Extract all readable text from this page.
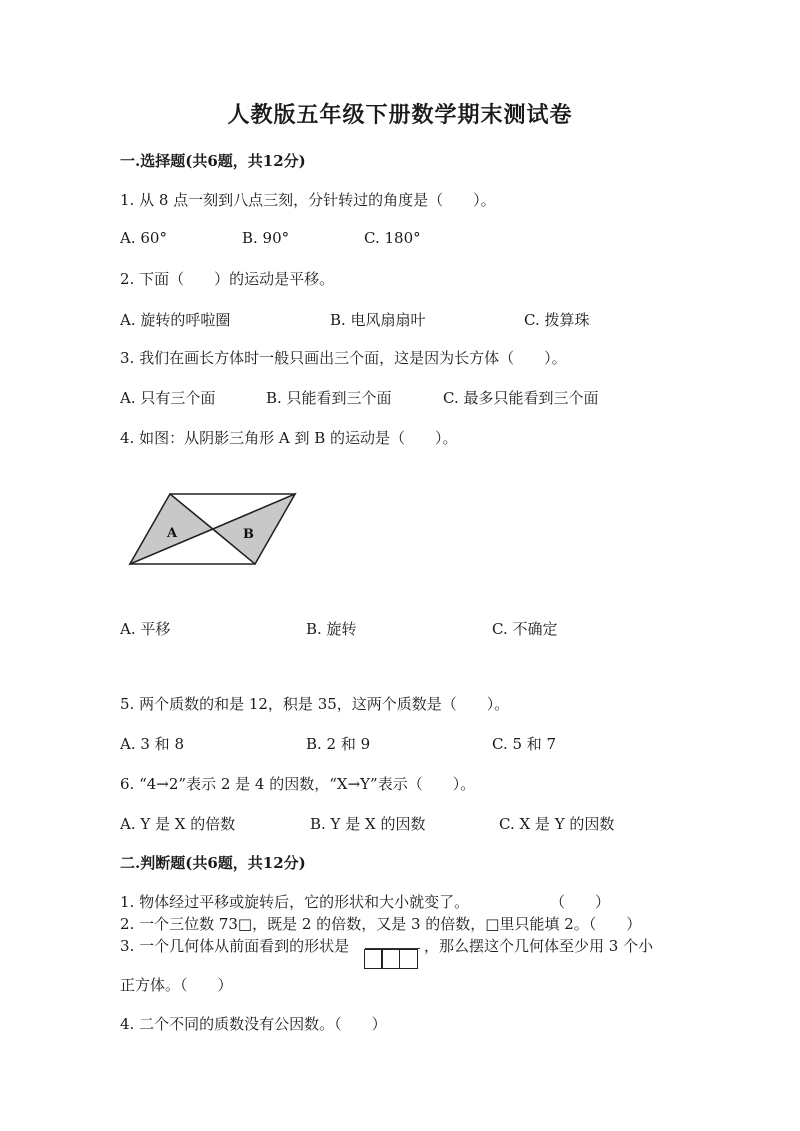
人教版五年级下册数学期末测试卷
一.选择题(共6题，共12分)
1. 从 8 点一刻到八点三刻，分针转过的角度是（　　）。
A. 60°	B. 90°	C. 180°
2. 下面（　　）的运动是平移。
A. 旋转的呼啦圈	B. 电风扇扇叶	C. 拨算珠
3. 我们在画长方体时一般只画出三个面，这是因为长方体（　　）。
A. 只有三个面	B. 只能看到三个面	C. 最多只能看到三个面
4. 如图：从阴影三角形 A 到 B 的运动是（　　）。
A	B
A. 平移	B. 旋转	C. 不确定
5. 两个质数的和是 12，积是 35，这两个质数是（　　）。
A. 3 和 8	B. 2 和 9	C. 5 和 7
6. “4→2”表示 2 是 4 的因数，“X→Y”表示（　　）。
A. Y 是 X 的倍数	B. Y 是 X 的因数	C. X 是 Y 的因数
二.判断题(共6题，共12分)
1. 物体经过平移或旋转后，它的形状和大小就变了。	（　　）
2. 一个三位数 73□，既是 2 的倍数，又是 3 的倍数，□里只能填 2。（　　）
3. 一个几何体从前面看到的形状是	，那么摆这个几何体至少用 3 个小
正方体。（　　）
4. 二个不同的质数没有公因数。（　　）
